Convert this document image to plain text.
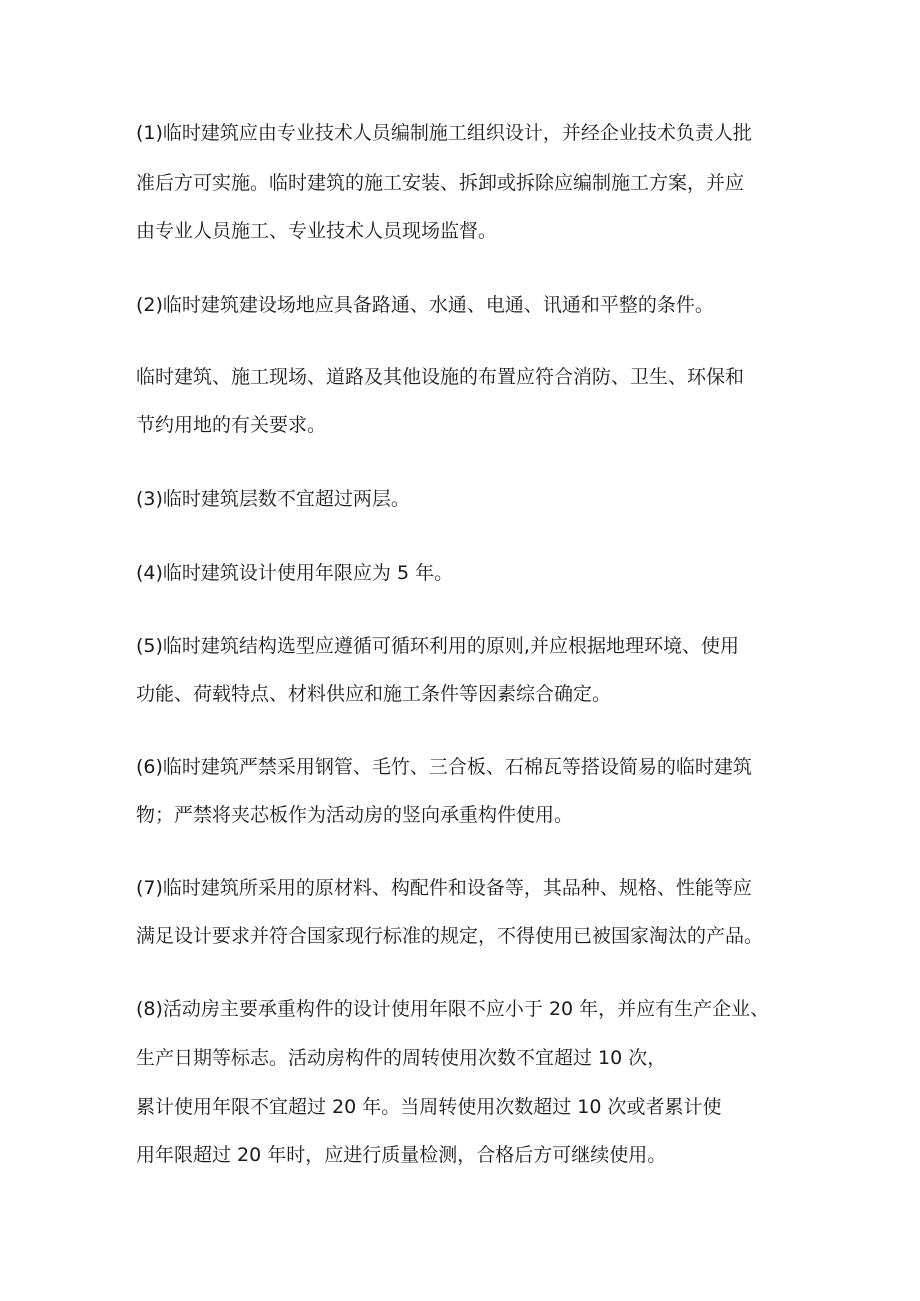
(1)临时建筑应由专业技术人员编制施工组织设计，并经企业技术负责人批
准后方可实施。临时建筑的施工安装、拆卸或拆除应编制施工方案，并应
由专业人员施工、专业技术人员现场监督。
(2)临时建筑建设场地应具备路通、水通、电通、讯通和平整的条件。
临时建筑、施工现场、道路及其他设施的布置应符合消防、卫生、环保和
节约用地的有关要求。
(3)临时建筑层数不宜超过两层。
(4)临时建筑设计使用年限应为 5 年。
(5)临时建筑结构选型应遵循可循环利用的原则,并应根据地理环境、使用
功能、荷载特点、材料供应和施工条件等因素综合确定。
(6)临时建筑严禁采用钢管、毛竹、三合板、石棉瓦等搭设简易的临时建筑
物；严禁将夹芯板作为活动房的竖向承重构件使用。
(7)临时建筑所采用的原材料、构配件和设备等，其品种、规格、性能等应
满足设计要求并符合国家现行标准的规定，不得使用已被国家淘汰的产品。
(8)活动房主要承重构件的设计使用年限不应小于 20 年，并应有生产企业、
生产日期等标志。活动房构件的周转使用次数不宜超过 10 次，
累计使用年限不宜超过 20 年。当周转使用次数超过 10 次或者累计使
用年限超过 20 年时，应进行质量检测，合格后方可继续使用。
